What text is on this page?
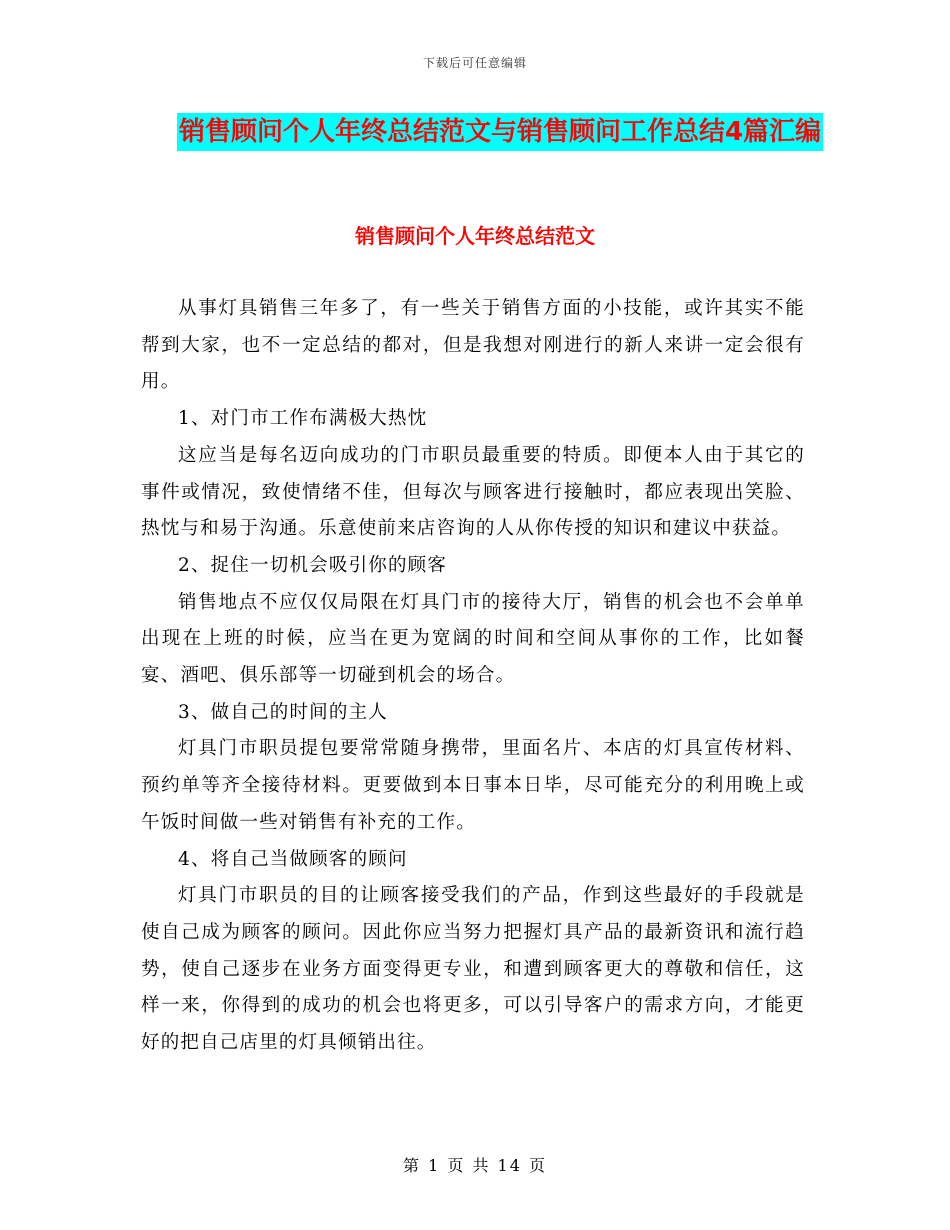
下载后可任意编辑
销售顾问个人年终总结范文与销售顾问工作总结4篇汇编
销售顾问个人年终总结范文

从事灯具销售三年多了，有一些关于销售方面的小技能，或许其实不能帮到大家，也不一定总结的都对，但是我想对刚进行的新人来讲一定会很有用。

1、对门市工作布满极大热忱

这应当是每名迈向成功的门市职员最重要的特质。即便本人由于其它的事件或情况，致使情绪不佳，但每次与顾客进行接触时，都应表现出笑脸、热忱与和易于沟通。乐意使前来店咨询的人从你传授的知识和建议中获益。

2、捉住一切机会吸引你的顾客

销售地点不应仅仅局限在灯具门市的接待大厅，销售的机会也不会单单出现在上班的时候，应当在更为宽阔的时间和空间从事你的工作，比如餐宴、酒吧、俱乐部等一切碰到机会的场合。

3、做自己的时间的主人

灯具门市职员提包要常常随身携带，里面名片、本店的灯具宣传材料、预约单等齐全接待材料。更要做到本日事本日毕，尽可能充分的利用晚上或午饭时间做一些对销售有补充的工作。

4、将自己当做顾客的顾问

灯具门市职员的目的让顾客接受我们的产品，作到这些最好的手段就是使自己成为顾客的顾问。因此你应当努力把握灯具产品的最新资讯和流行趋势，使自己逐步在业务方面变得更专业，和遭到顾客更大的尊敬和信任，这样一来，你得到的成功的机会也将更多，可以引导客户的需求方向，才能更好的把自己店里的灯具倾销出往。

第 1 页 共 14 页
